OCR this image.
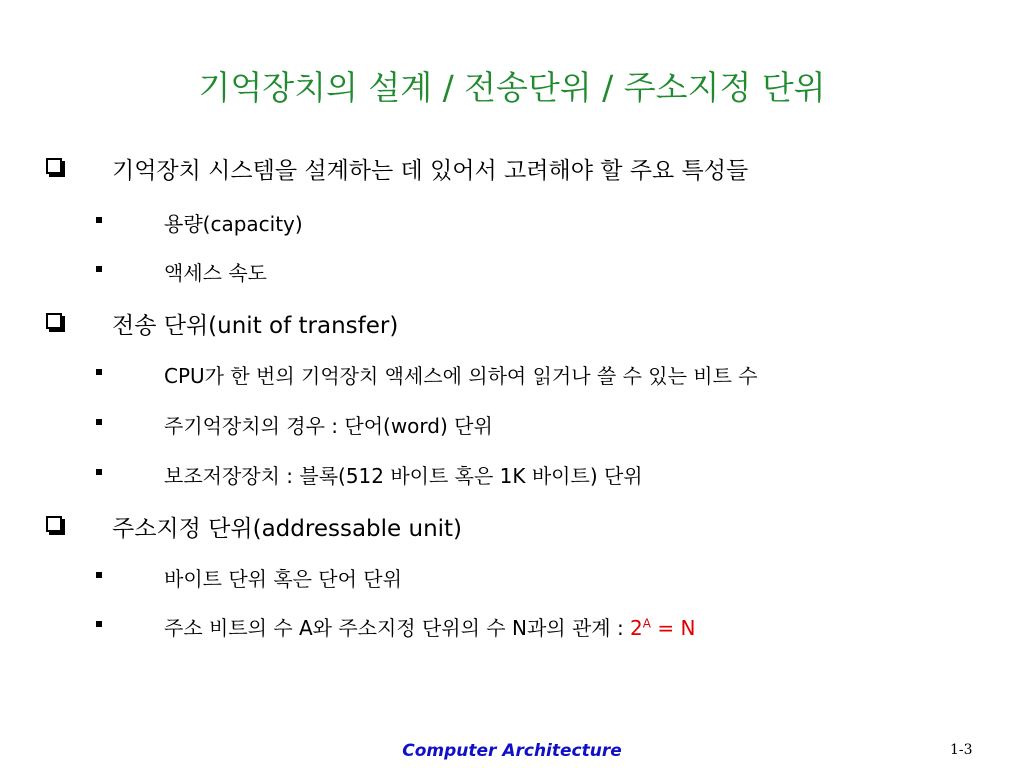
기억장치의 설계 / 전송단위 / 주소지정 단위
기억장치 시스템을 설계하는 데 있어서 고려해야 할 주요 특성들
용량(capacity)
액세스 속도
전송 단위(unit of transfer)
CPU가 한 번의 기억장치 액세스에 의하여 읽거나 쓸 수 있는 비트 수
주기억장치의 경우 : 단어(word) 단위
보조저장장치 : 블록(512 바이트 혹은 1K 바이트) 단위
주소지정 단위(addressable unit)
바이트 단위 혹은 단어 단위
주소 비트의 수 A와 주소지정 단위의 수 N과의 관계 : $2^A = N$
Computer Architecture	1-3
